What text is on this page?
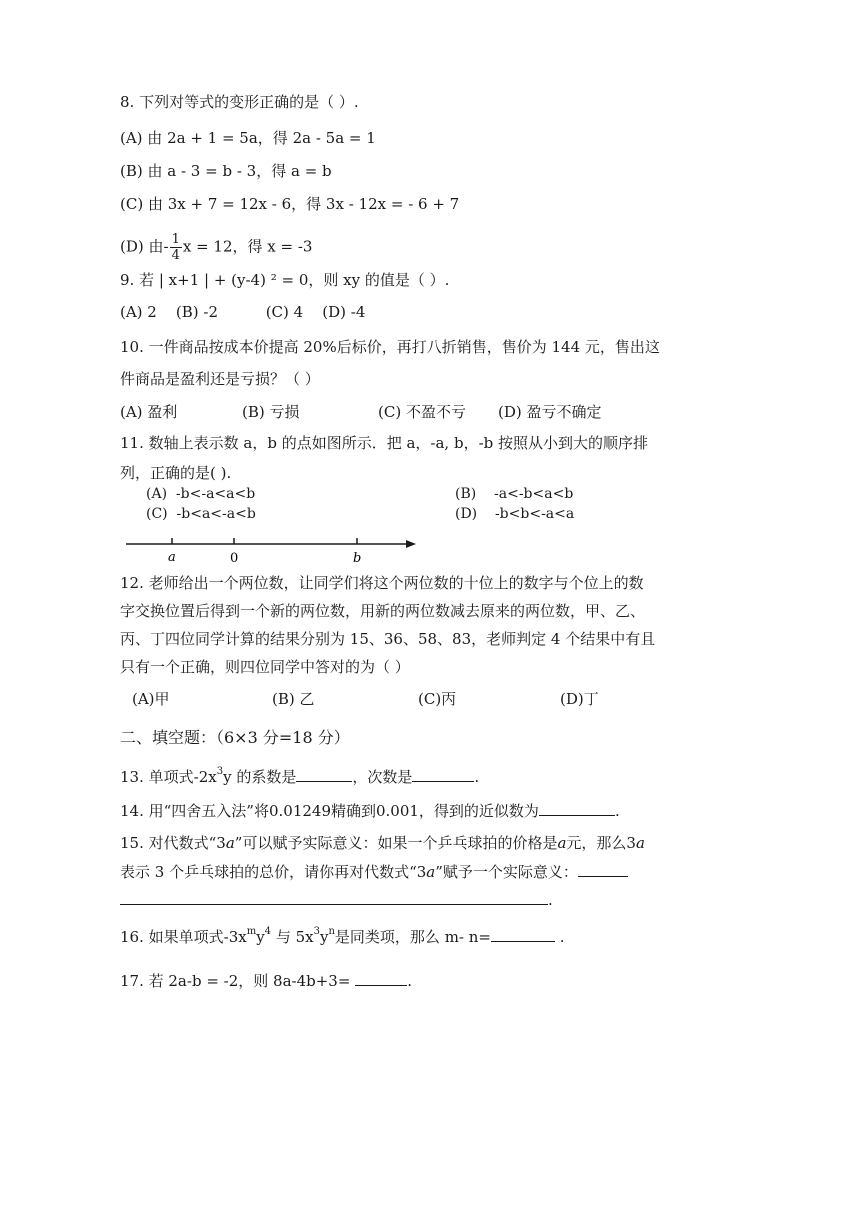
8. 下列对等式的变形正确的是（ ）.
(A) 由 2a + 1 = 5a，得 2a - 5a = 1
(B) 由 a - 3 = b - 3，得 a = b
(C) 由 3x + 7 = 12x - 6，得 3x - 12x = - 6 + 7
(D) 由- $\frac{1}{4}$ x = 12，得 x = -3
9. 若 | x+1 | + (y-4) ² = 0，则 xy 的值是（ ）.
(A) 2    (B) -2          (C) 4    (D) -4
10. 一件商品按成本价提高 20%后标价，再打八折销售，售价为 144 元，售出这
件商品是盈利还是亏损？（ ）
(A) 盈利	(B) 亏损	(C) 不盈不亏 (D) 盈亏不确定
11. 数轴上表示数 a，b 的点如图所示．把 a，-a, b，-b 按照从小到大的顺序排
列，正确的是( ).
(A)  -b<-a<a<b	(B)    -a<-b<a<b
(C)  -b<a<-a<b	(D)    -b<b<-a<a
a	0	b
12. 老师给出一个两位数，让同学们将这个两位数的十位上的数字与个位上的数
字交换位置后得到一个新的两位数，用新的两位数减去原来的两位数，甲、乙、
丙、丁四位同学计算的结果分别为 15、36、58、83，老师判定 4 个结果中有且
只有一个正确，则四位同学中答对的为（ ）
(A)甲	(B) 乙	(C)丙	(D)丁
二、填空题：（6×3 分=18 分）
13. 单项式$-2x^3y$ 的系数是	，次数是	.
14. 用“四舍五入法”将0.01249精确到0.001，得到的近似数为	.
15. 对代数式“3a”可以赋予实际意义：如果一个乒乓球拍的价格是a元，那么3a
表示 3 个乒乓球拍的总价，请你再对代数式“3a”赋予一个实际意义：
.
16. 如果单项式$-3x^my^4$ 与 $5x^3y^n$是同类项，那么 m- n=	.
17. 若 2a-b = -2，则 8a-4b+3=	.
